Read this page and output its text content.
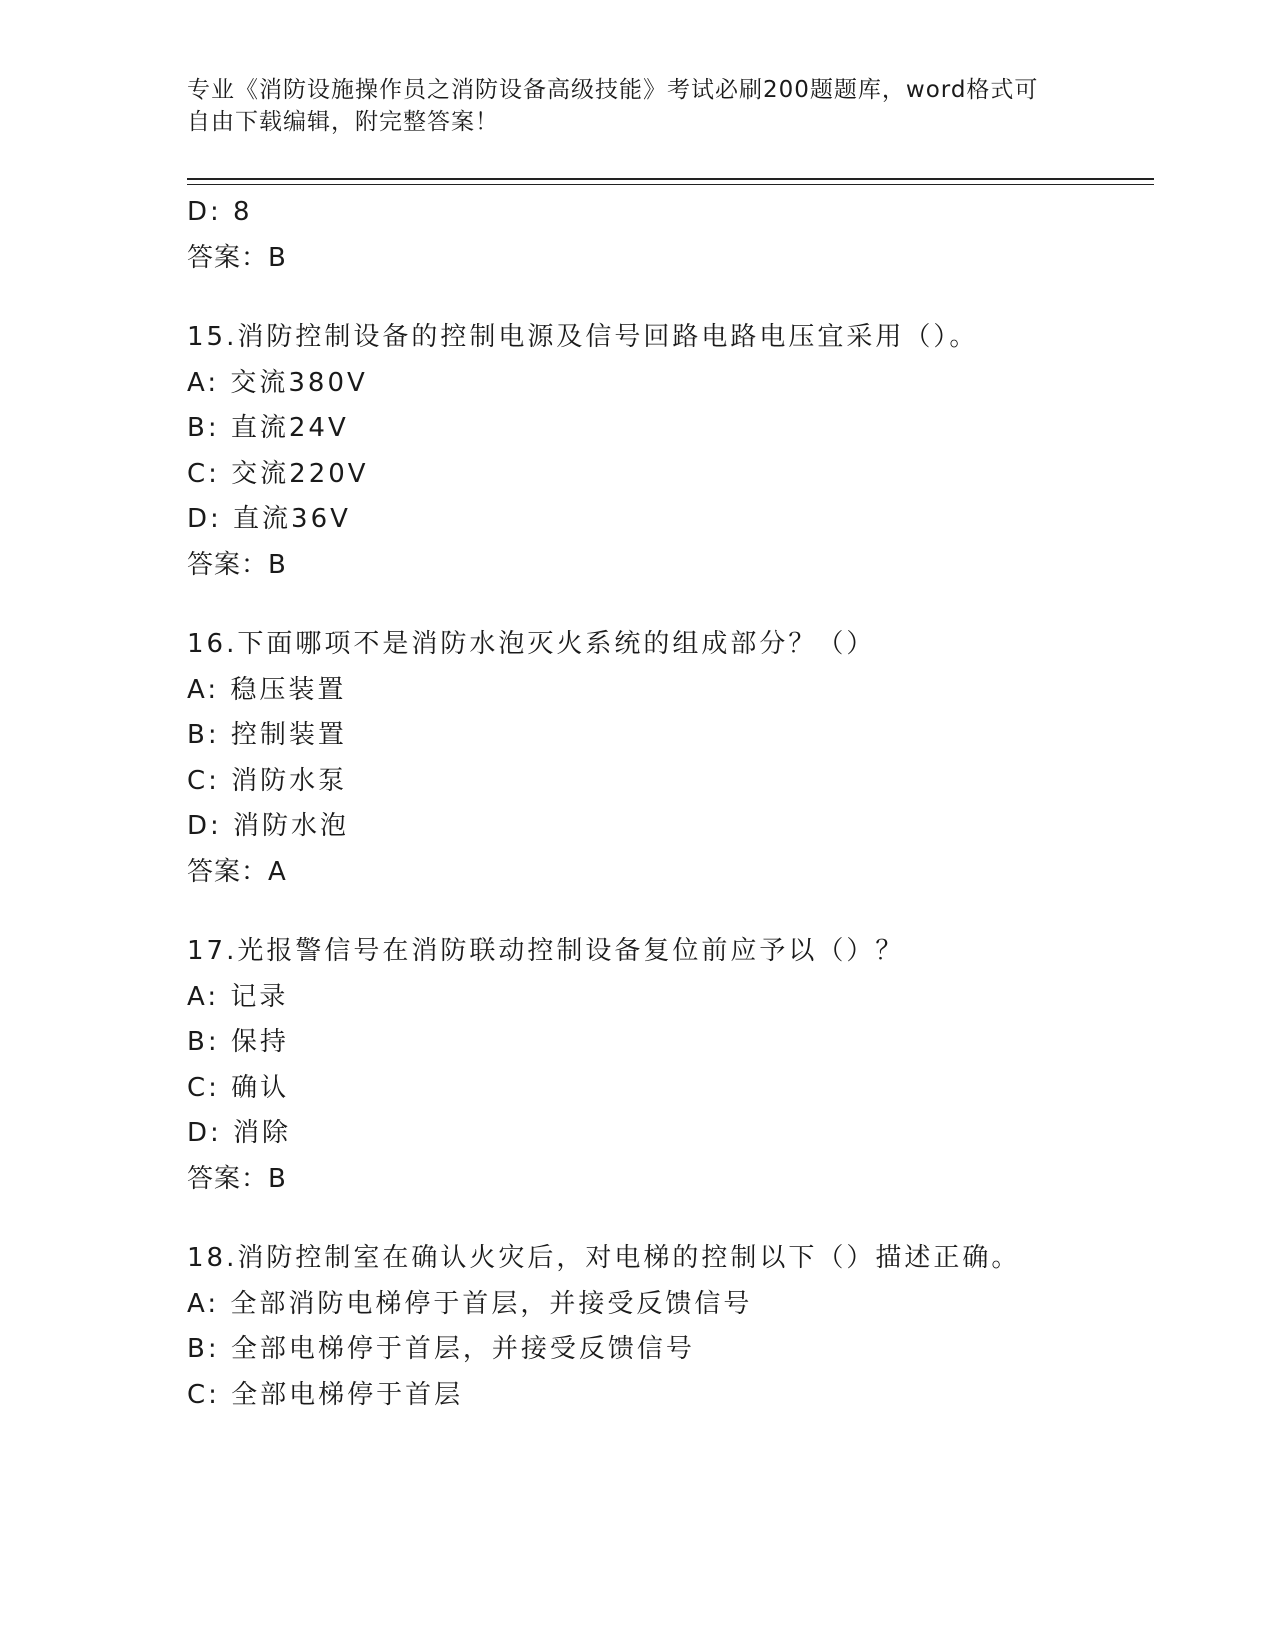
专业《消防设施操作员之消防设备高级技能》考试必刷200题题库，word格式可
自由下载编辑，附完整答案！
D: 8
答案：B
15.消防控制设备的控制电源及信号回路电路电压宜采用（）。
A: 交流380V
B: 直流24V
C: 交流220V
D: 直流36V
答案：B
16.下面哪项不是消防水泡灭火系统的组成部分？（）
A: 稳压装置
B: 控制装置
C: 消防水泵
D: 消防水泡
答案：A
17.光报警信号在消防联动控制设备复位前应予以（）？
A: 记录
B: 保持
C: 确认
D: 消除
答案：B
18.消防控制室在确认火灾后，对电梯的控制以下（）描述正确。
A: 全部消防电梯停于首层，并接受反馈信号
B: 全部电梯停于首层，并接受反馈信号
C: 全部电梯停于首层
